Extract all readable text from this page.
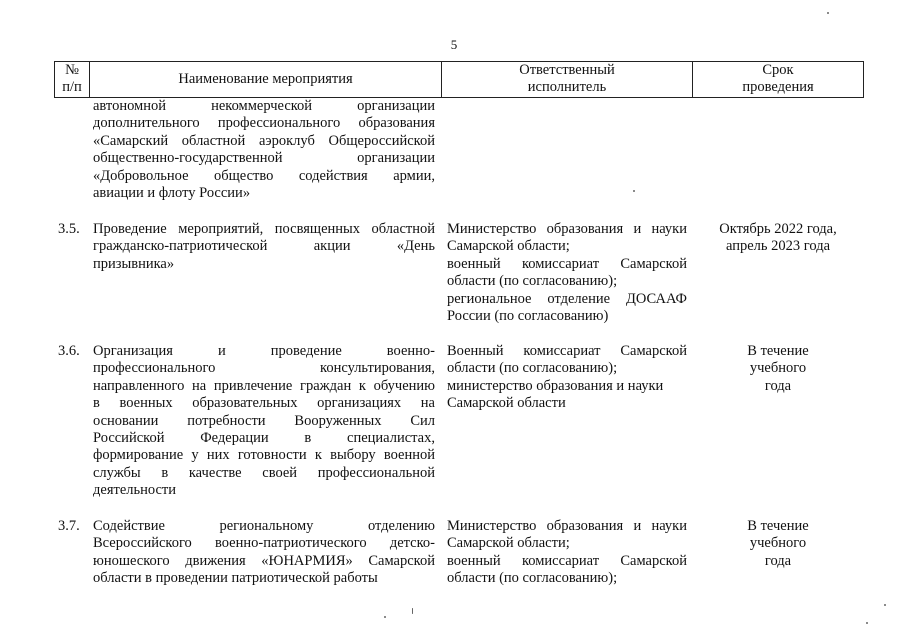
5
№
п/п
Наименование мероприятия
Ответственный
исполнитель
Срок
проведения
автономной некоммерческой организации
дополнительного профессионального образования
«Самарский областной аэроклуб Общероссийской
общественно-государственной организации
«Добровольное общество содействия армии,
авиации и флоту России»
3.5. Проведение мероприятий, посвященных областной
гражданско-патриотической акции «День
призывника»
Министерство образования и науки
Самарской области;
военный комиссариат Самарской
области (по согласованию);
региональное отделение ДОСААФ
России (по согласованию)
Октябрь 2022 года,
апрель 2023 года
3.6. Организация и проведение военно-
профессионального консультирования,
направленного на привлечение граждан к обучению
в военных образовательных организациях на
основании потребности Вооруженных Сил
Российской Федерации в специалистах,
формирование у них готовности к выбору военной
службы в качестве своей профессиональной
деятельности
Военный комиссариат Самарской
области (по согласованию);
министерство образования и науки
Самарской области
В течение
учебного
года
3.7. Содействие региональному отделению
Всероссийского военно-патриотического детско-
юношеского движения «ЮНАРМИЯ» Самарской
области в проведении патриотической работы
Министерство образования и науки
Самарской области;
военный комиссариат Самарской
области (по согласованию);
В течение
учебного
года
